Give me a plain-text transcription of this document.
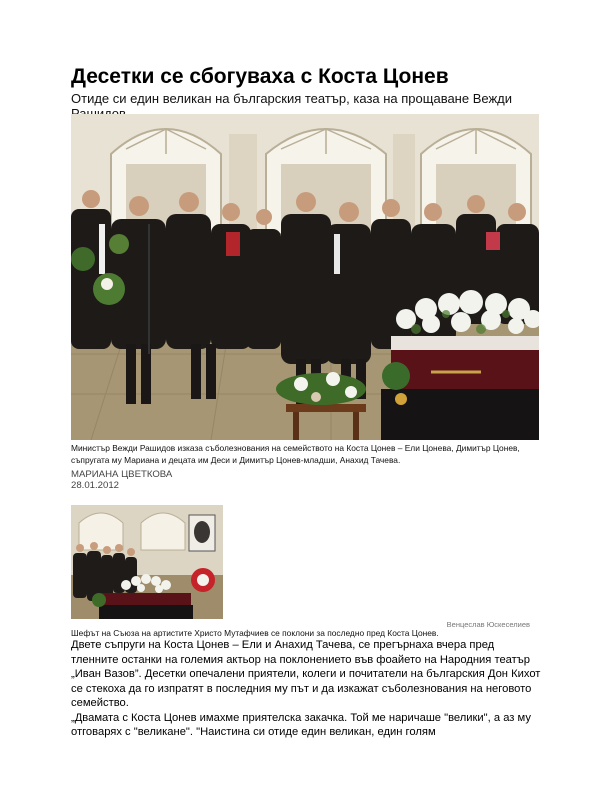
Десетки се сбогуваха с Коста Цонев
Отиде си един великан на българския театър, каза на прощаване Вежди
Министър Вежди Рашидов изказа съболезнования на семейството на Коста Цонев – Ели Цонева, Димитър Цонев, съпругата му Мариана и децата им Деси и Димитър Цонев-младши, Анахид Тачева.
МАРИАНА ЦВЕТКОВА
28.01.2012
Венцеслав Юскеселиев
Шефът на Съюза на артистите Христо Мутафчиев се поклони за последно пред Коста Цонев.

Двете съпруги на Коста Цонев – Ели и Анахид Тачева, се прегърнаха вчера пред тленните останки на големия актьор на поклонението във фоайето на Народния театър „Иван Вазов”. Десетки опечалени приятели, колеги и почитатели на българския Дон Кихот се стекоха да го изпратят в последния му път и да изкажат съболезнования на неговото семейство.

„Двамата с Коста Цонев имахме приятелска закачка. Той ме наричаше "велики", а аз му отговарях с "великане". "Наистина си отиде един великан, един голям
